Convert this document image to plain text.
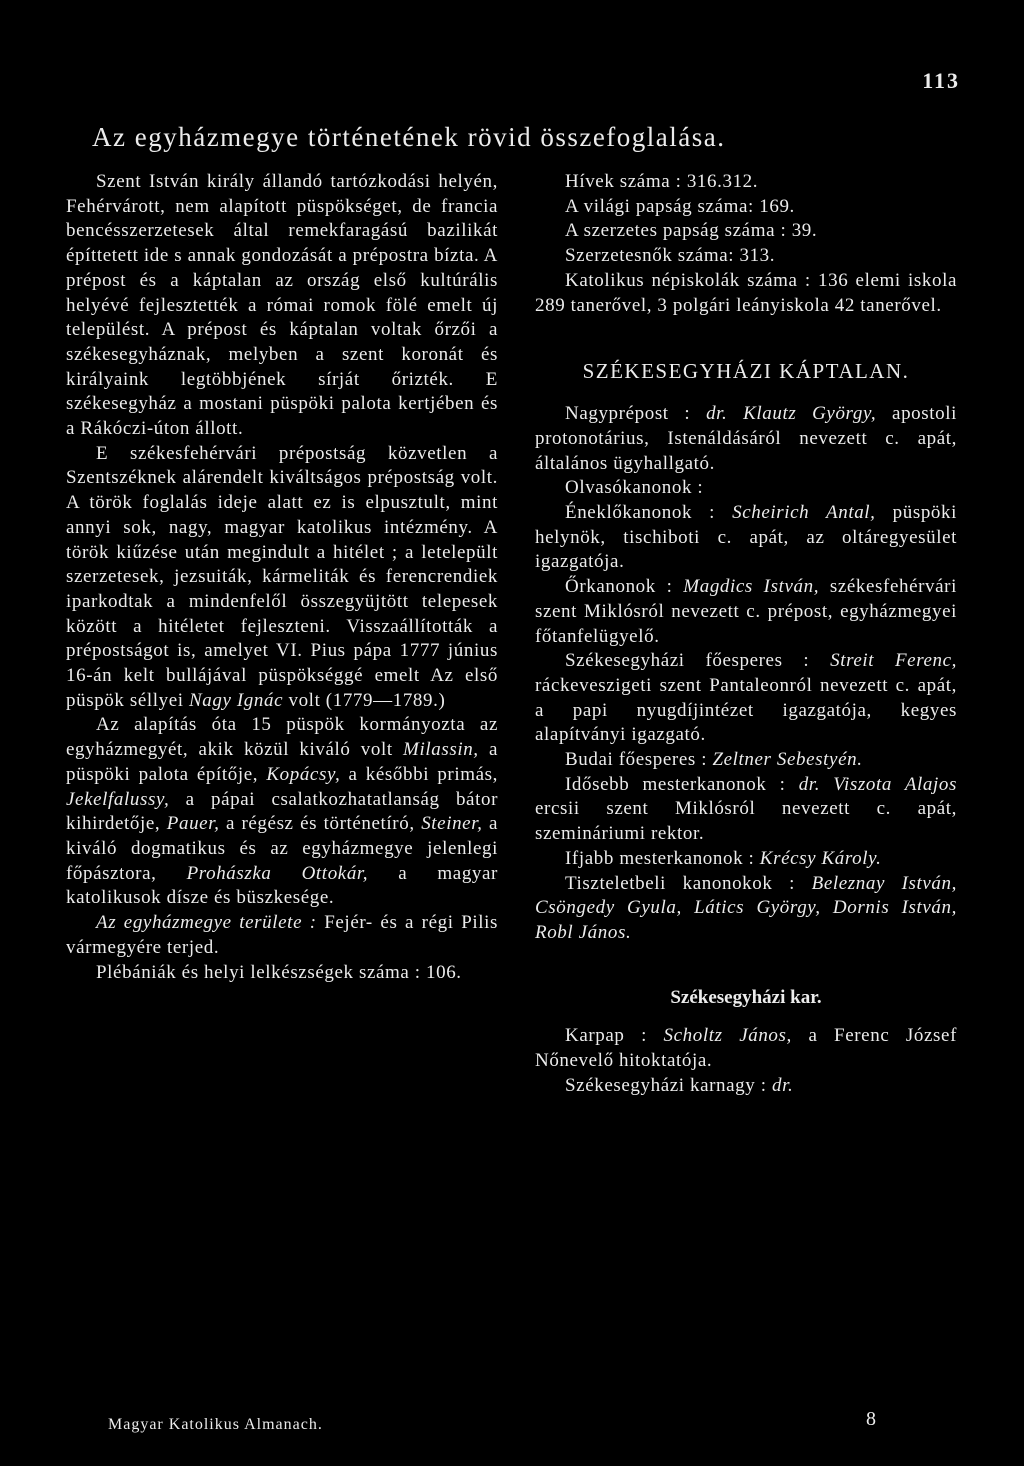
113
Az egyházmegye történetének rövid összefoglalása.

Szent István király állandó tartózkodási helyén, Fehérvárott, nem alapított püspökséget, de francia bencésszerzetesek által remekfaragású bazilikát építtetett ide s annak gondozását a prépostra bízta. A prépost és a káptalan az ország első kultúrális helyévé fejlesztették a római romok fölé emelt új települést. A prépost és káptalan voltak őrzői a székesegyháznak, melyben a szent koronát és királyaink legtöbbjének sírját őrizték. E székesegyház a mostani püspöki palota kertjében és a Rákóczi-úton állott.

E székesfehérvári prépostság közvetlen a Szentszéknek alárendelt kiváltságos prépostság volt. A török foglalás ideje alatt ez is elpusztult, mint annyi sok, nagy, magyar katolikus intézmény. A török kiűzése után megindult a hitélet ; a letelepült szerzetesek, jezsuiták, kármeliták és ferencrendiek iparkodtak a mindenfelől összegyüjtött telepesek között a hitéletet fejleszteni. Visszaállították a prépostságot is, amelyet VI. Pius pápa 1777 június 16-án kelt bullájával püspökséggé emelt Az első püspök séllyei Nagy Ignác volt (1779—1789.)

Az alapítás óta 15 püspök kormányozta az egyházmegyét, akik közül kiváló volt Milassin, a püspöki palota építője, Kopácsy, a későbbi primás, Jekelfalussy, a pápai csalatkozhatatlanság bátor kihirdetője, Pauer, a régész és történetíró, Steiner, a kiváló dogmatikus és az egyházmegye jelenlegi főpásztora, Prohászka Ottokár, a magyar katolikusok dísze és büszkesége.

Az egyházmegye területe : Fejér- és a régi Pilis vármegyére terjed.

Plébániák és helyi lelkészségek száma : 106.

Hívek száma : 316.312.

A világi papság száma: 169.

A szerzetes papság száma : 39.

Szerzetesnők száma: 313.

Katolikus népiskolák száma : 136 elemi iskola 289 tanerővel, 3 polgári leányiskola 42 tanerővel.

SZÉKESEGYHÁZI KÁPTALAN.

Nagyprépost : dr. Klautz György, apostoli protonotárius, Istenáldásáról nevezett c. apát, általános ügyhallgató.

Olvasókanonok :

Éneklőkanonok : Scheirich Antal, püspöki helynök, tischiboti c. apát, az oltáregyesület igazgatója.

Őrkanonok : Magdics István, székesfehérvári szent Miklósról nevezett c. prépost, egyházmegyei főtanfelügyelő.

Székesegyházi főesperes : Streit Ferenc, ráckeveszigeti szent Pantaleonról nevezett c. apát, a papi nyugdíjintézet igazgatója, kegyes alapítványi igazgató.

Budai főesperes : Zeltner Sebestyén.

Idősebb mesterkanonok : dr. Viszota Alajos ercsii szent Miklósról nevezett c. apát, szemináriumi rektor.

Ifjabb mesterkanonok : Krécsy Károly.

Tiszteletbeli kanonokok : Beleznay István, Csöngedy Gyula, Látics György, Dornis István, Robl János.

Székesegyházi kar.

Karpap : Scholtz János, a Ferenc József Nőnevelő hitoktatója.

Székesegyházi karnagy : dr.

Magyar Katolikus Almanach.	8
